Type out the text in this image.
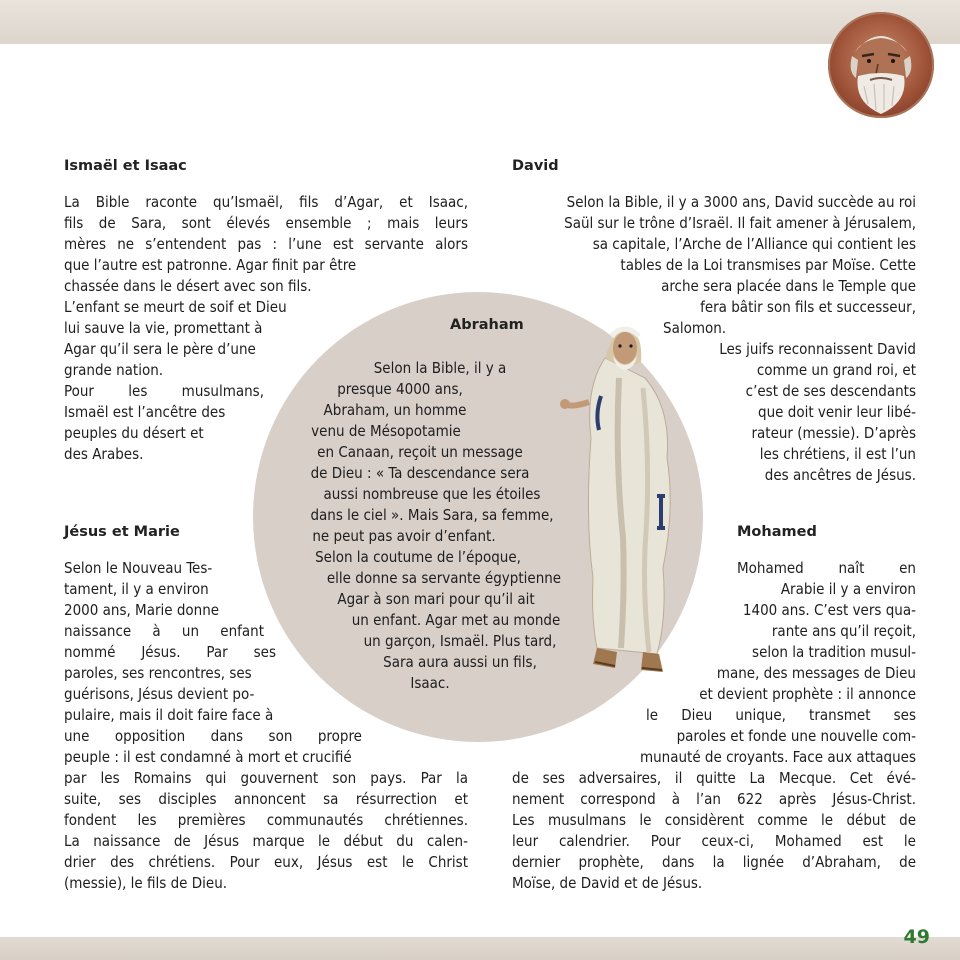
Ismaël et Isaac
La Bible raconte qu’Ismaël, fils d’Agar, et Isaac,
fils de Sara, sont élevés ensemble ; mais leurs
mères ne s’entendent pas : l’une est servante alors
que l’autre est patronne. Agar finit par être
chassée dans le désert avec son fils.
L’enfant se meurt de soif et Dieu
lui sauve la vie, promettant à
Agar qu’il sera le père d’une
grande nation.
Pour les musulmans,
Ismaël est l’ancêtre des
peuples du désert et
des Arabes.
David
Selon la Bible, il y a 3000 ans, David succède au roi
Saül sur le trône d’Israël. Il fait amener à Jérusalem,
sa capitale, l’Arche de l’Alliance qui contient les
tables de la Loi transmises par Moïse. Cette
arche sera placée dans le Temple que
fera bâtir son fils et successeur,
Salomon.
Les juifs reconnaissent David
comme un grand roi, et
c’est de ses descendants
que doit venir leur libé-
rateur (messie). D’après
les chrétiens, il est l’un
des ancêtres de Jésus.
Abraham
Selon la Bible, il y a
presque 4000 ans,
Abraham, un homme
venu de Mésopotamie
en Canaan, reçoit un message
de Dieu : « Ta descendance sera
aussi nombreuse que les étoiles
dans le ciel ». Mais Sara, sa femme,
ne peut pas avoir d’enfant.
Selon la coutume de l’époque,
elle donne sa servante égyptienne
Agar à son mari pour qu’il ait
un enfant. Agar met au monde
un garçon, Ismaël. Plus tard,
Sara aura aussi un fils,
Isaac.
Jésus et Marie
Selon le Nouveau Tes-
tament, il y a environ
2000 ans, Marie donne
naissance à un enfant
nommé Jésus. Par ses
paroles, ses rencontres, ses
guérisons, Jésus devient po-
pulaire, mais il doit faire face à
une opposition dans son propre
peuple : il est condamné à mort et crucifié
par les Romains qui gouvernent son pays. Par la
suite, ses disciples annoncent sa résurrection et
fondent les premières communautés chrétiennes.
La naissance de Jésus marque le début du calen-
drier des chrétiens. Pour eux, Jésus est le Christ
(messie), le fils de Dieu.
Mohamed
Mohamed naît en
Arabie il y a environ
1400 ans. C’est vers qua-
rante ans qu’il reçoit,
selon la tradition musul-
mane, des messages de Dieu
et devient prophète : il annonce
le Dieu unique, transmet ses
paroles et fonde une nouvelle com-
munauté de croyants. Face aux attaques
de ses adversaires, il quitte La Mecque. Cet évé-
nement correspond à l’an 622 après Jésus-Christ.
Les musulmans le considèrent comme le début de
leur calendrier. Pour ceux-ci, Mohamed est le
dernier prophète, dans la lignée d’Abraham, de
Moïse, de David et de Jésus.
49
